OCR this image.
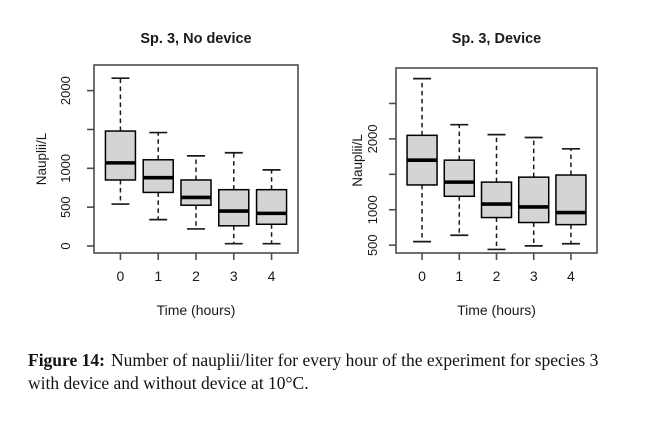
Sp. 3, No device
0
500
1000
2000
Nauplii/L
0 1 2 3 4
Time (hours)
Sp. 3, Device
500
1000
2000
Nauplii/L
0 1 2 3 4
Time (hours)

Figure 14: Number of nauplii/liter for every hour of the experiment for species 3 with device and without device at 10°C.
